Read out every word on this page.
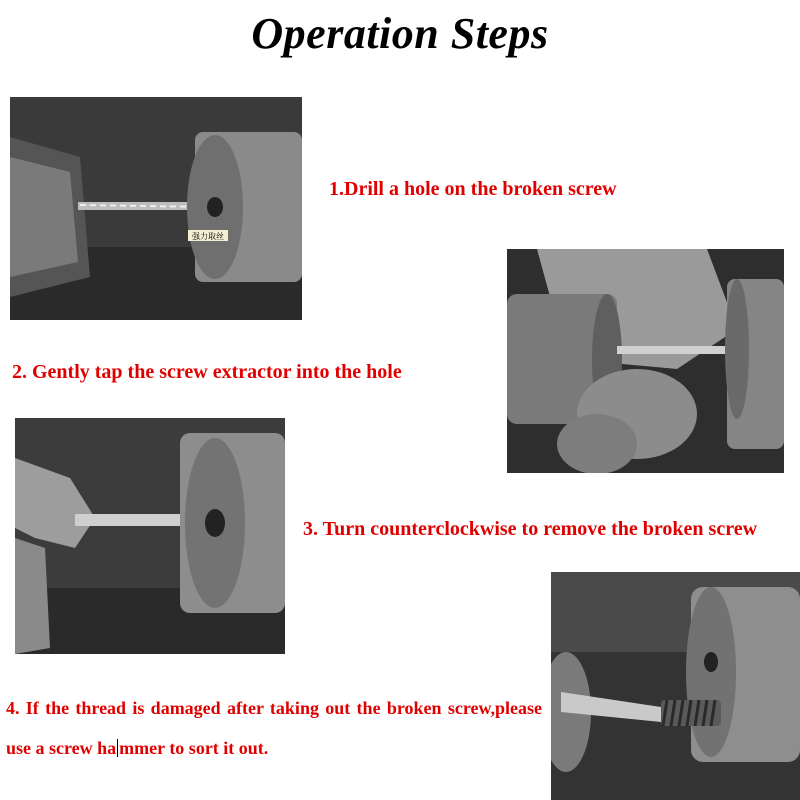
Operation Steps
强力取丝
1.Drill a hole on the broken screw
2. Gently tap the screw extractor into the hole
3. Turn counterclockwise to remove the broken screw
4. If the thread is damaged after taking out the broken screw,please use a screw ha mmer to sort it out.
